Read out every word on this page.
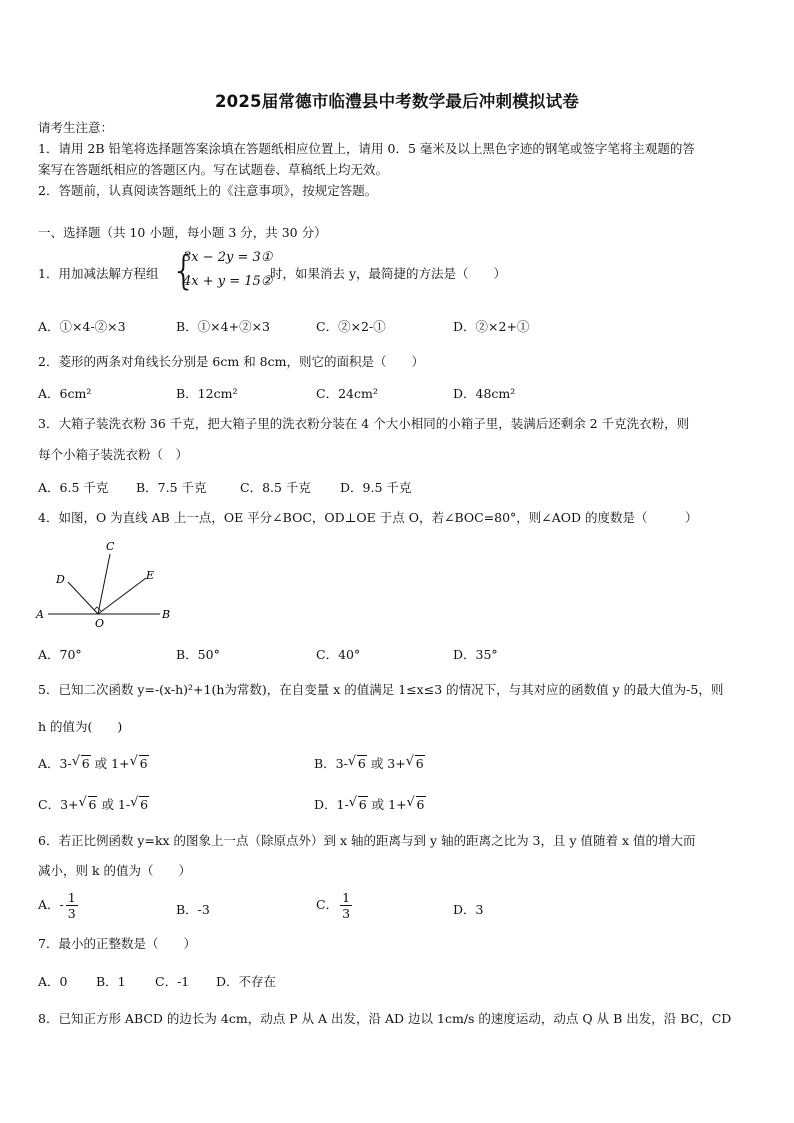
2025届常德市临澧县中考数学最后冲刺模拟试卷
请考生注意：
1．请用 2B 铅笔将选择题答案涂填在答题纸相应位置上，请用 0．5 毫米及以上黑色字迹的钢笔或签字笔将主观题的答
案写在答题纸相应的答题区内。写在试题卷、草稿纸上均无效。
2．答题前，认真阅读答题纸上的《注意事项》，按规定答题。
一、选择题（共 10 小题，每小题 3 分，共 30 分）
1．用加减法解方程组 {
3x − 2y = 3①
4x + y = 15②
时，如果消去 y，最简捷的方法是（　　）
A．①×4-②×3	B．①×4+②×3	C．②×2-①	D．②×2+①
2．菱形的两条对角线长分别是 6cm 和 8cm，则它的面积是（　　）
A．6cm²	B．12cm²	C．24cm²	D．48cm²
3．大箱子装洗衣粉 36 千克，把大箱子里的洗衣粉分装在 4 个大小相同的小箱子里，装满后还剩余 2 千克洗衣粉，则
每个小箱子装洗衣粉（　）
A．6.5 千克 B．7.5 千克	C．8.5 千克 D．9.5 千克
4．如图，O 为直线 AB 上一点，OE 平分∠BOC，OD⊥OE 于点 O，若∠BOC=80°，则∠AOD 的度数是（　　　）
C
D	E
A	B
O
A．70°	B．50°	C．40°	D．35°
5．已知二次函数 y=-(x-h)²+1(h为常数)，在自变量 x 的值满足 1≤x≤3 的情况下，与其对应的函数值 y 的最大值为-5，则
h 的值为(　　)
A．3- √ 6 或 1+ √ 6	B．3- √ 6 或 3+ √ 6
C．3+ √ 6 或 1- √ 6	D．1- √ 6 或 1+ √ 6
6．若正比例函数 y=kx 的图象上一点（除原点外）到 x 轴的距离与到 y 轴的距离之比为 3，且 y 值随着 x 值的增大而
减小，则 k 的值为（　　）
A．- $\frac{1}{3}$	B．-3	C． $\frac{1}{3}$	D．3
7．最小的正整数是（　　）
A．0 B．1 C．-1 D．不存在
8．已知正方形 ABCD 的边长为 4cm，动点 P 从 A 出发，沿 AD 边以 1cm/s 的速度运动，动点 Q 从 B 出发，沿 BC，CD
